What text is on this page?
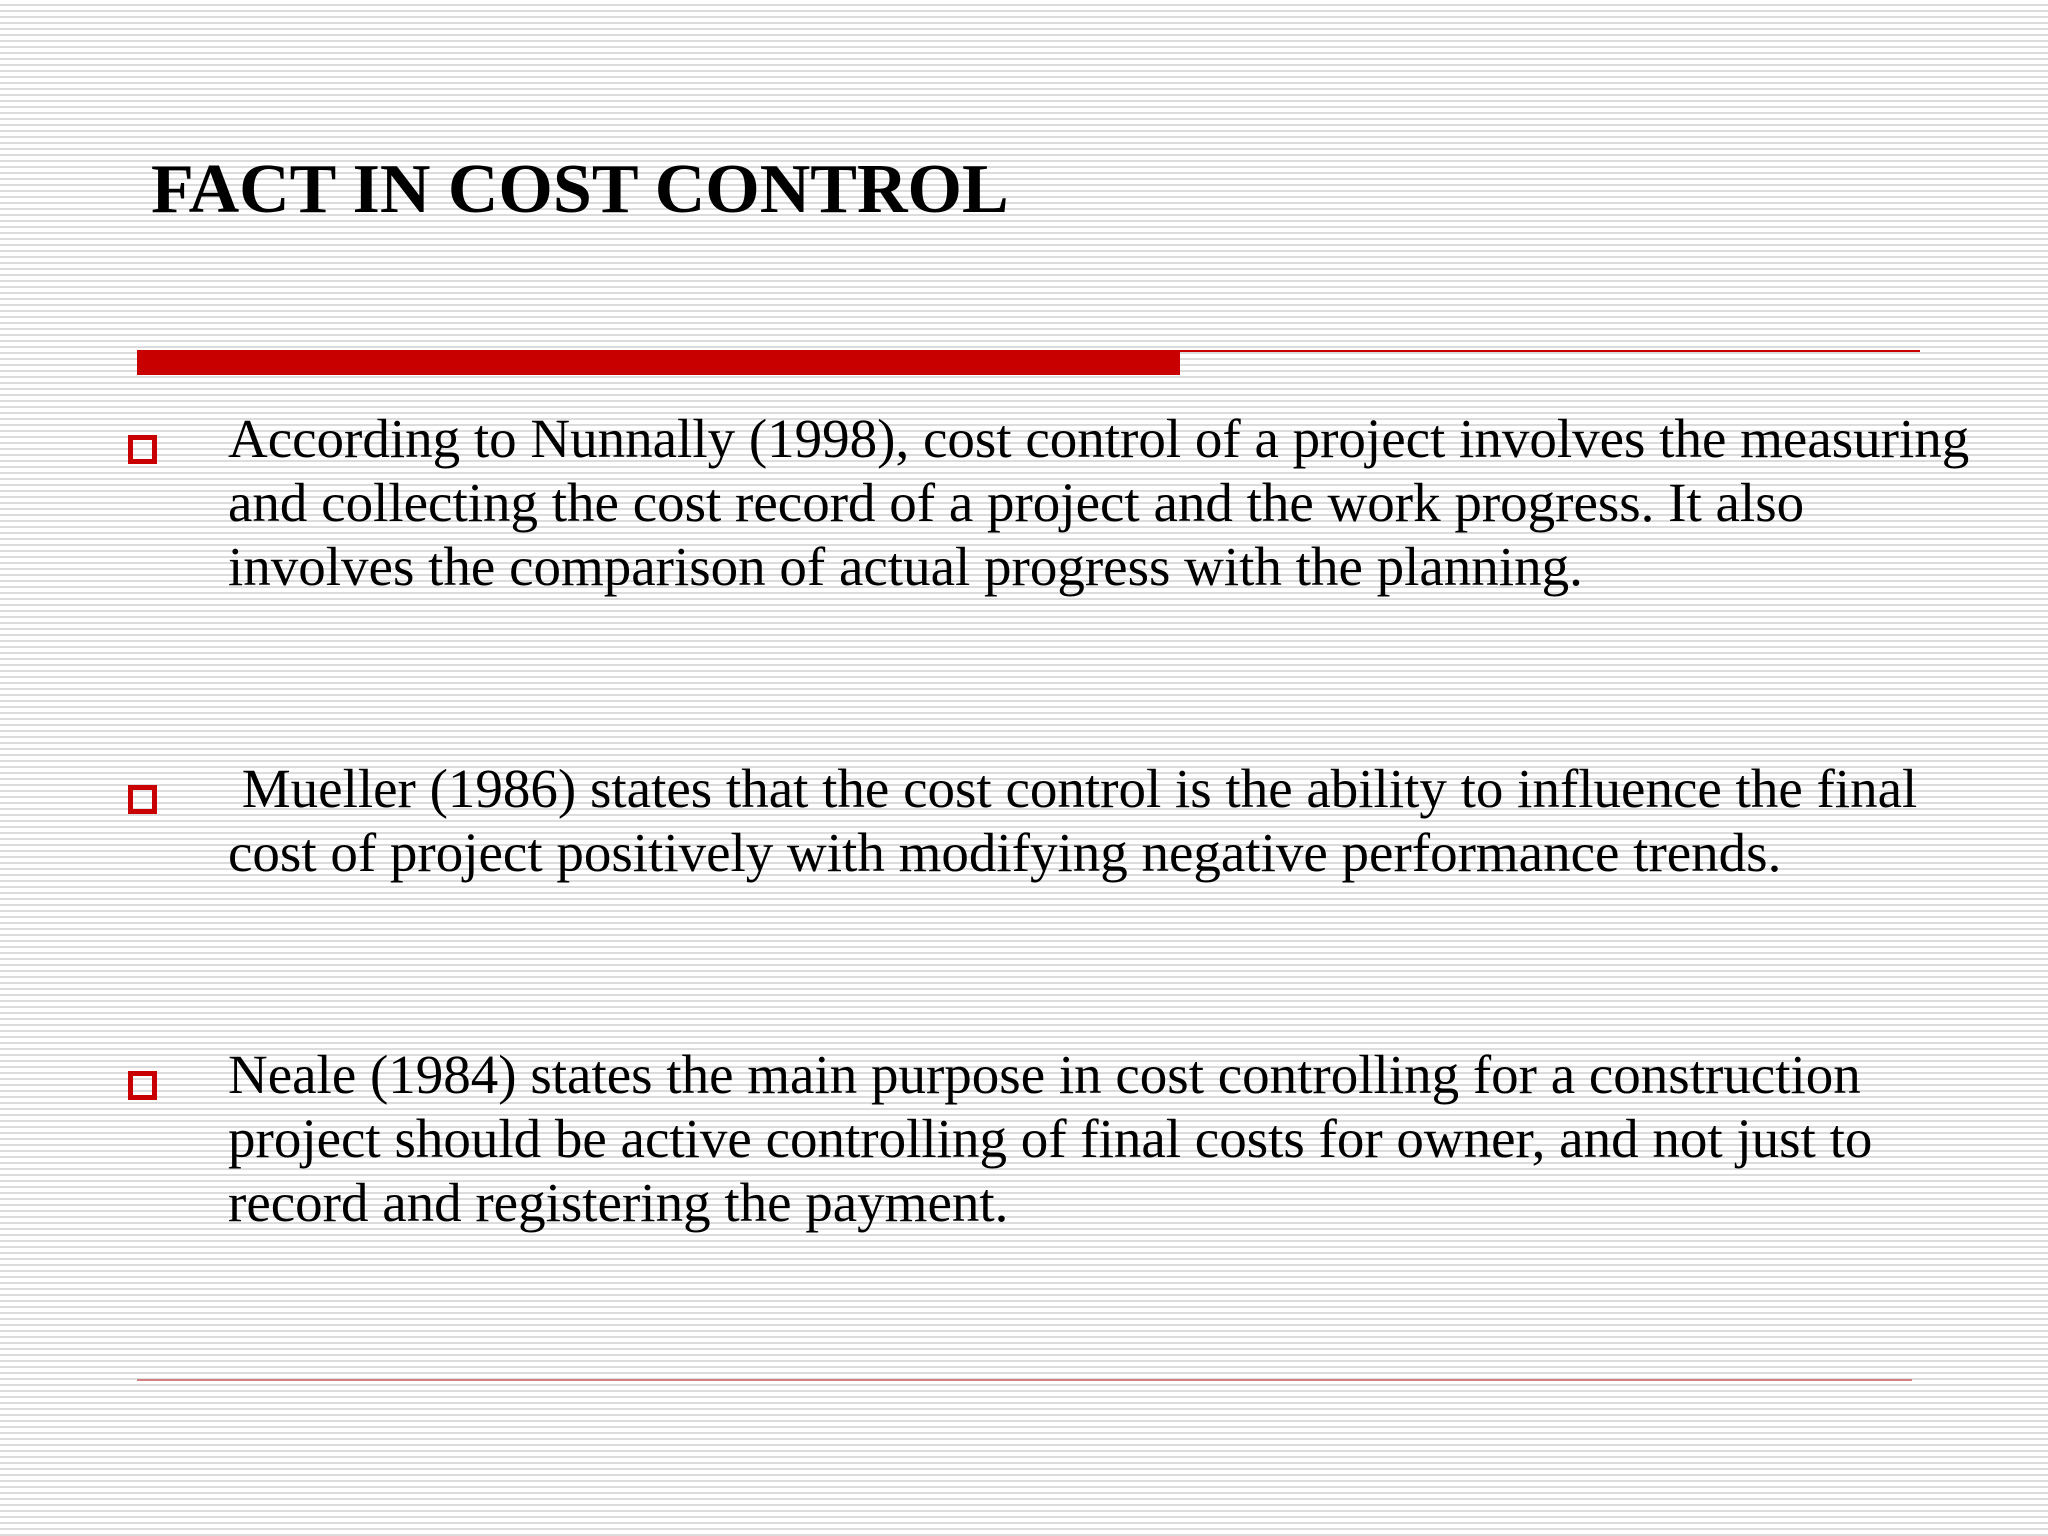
FACT IN COST CONTROL

According to Nunnally (1998), cost control of a project involves the measuring and collecting the cost record of a project and the work progress. It also involves the comparison of actual progress with the planning.

Mueller (1986) states that the cost control is the ability to influence the final cost of project positively with modifying negative performance trends.

Neale (1984) states the main purpose in cost controlling for a construction project should be active controlling of final costs for owner, and not just to record and registering the payment.
